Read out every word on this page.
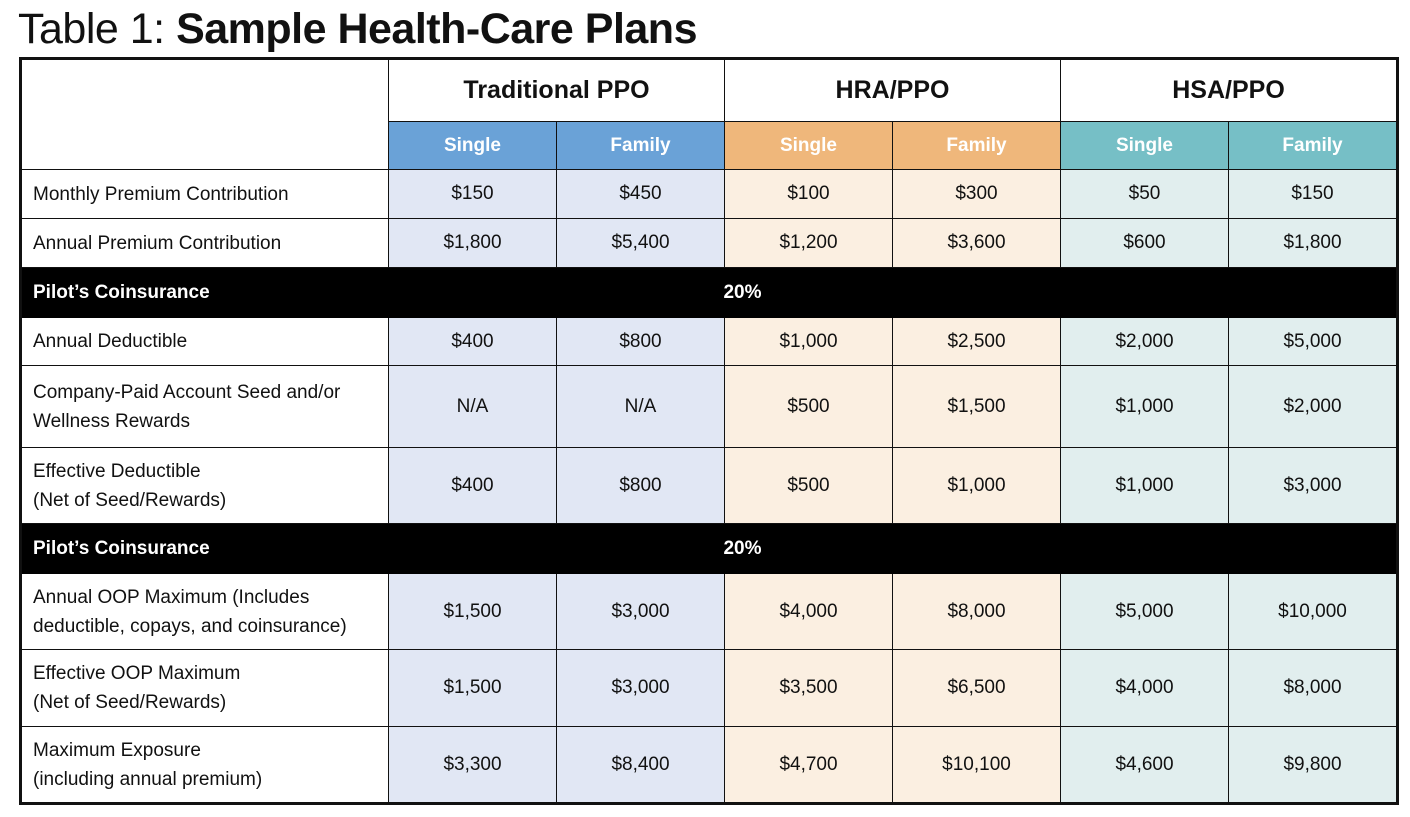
Table 1: Sample Health-Care Plans
	Traditional PPO		HRA/PPO		HSA/PPO	
	Single	Family	Single	Family	Single	Family

Monthly Premium Contribution	$150	$450	$100	$300	$50	$150

Annual Premium Contribution	$1,800	$5,400	$1,200	$3,600	$600	$1,800
Pilot’s Coinsurance	20%					

Annual Deductible	$400	$800	$1,000	$2,500	$2,000	$5,000

Company-Paid Account Seed and/or
Wellness Rewards	N/A	N/A	$500	$1,500	$1,000	$2,000

Effective Deductible
(Net of Seed/Rewards)	$400	$800	$500	$1,000	$1,000	$3,000
Pilot’s Coinsurance	20%					

Annual OOP Maximum (Includes
deductible, copays, and coinsurance)	$1,500	$3,000	$4,000	$8,000	$5,000	$10,000

Effective OOP Maximum
(Net of Seed/Rewards)	$1,500	$3,000	$3,500	$6,500	$4,000	$8,000

Maximum Exposure
(including annual premium)	$3,300	$8,400	$4,700	$10,100	$4,600	$9,800
